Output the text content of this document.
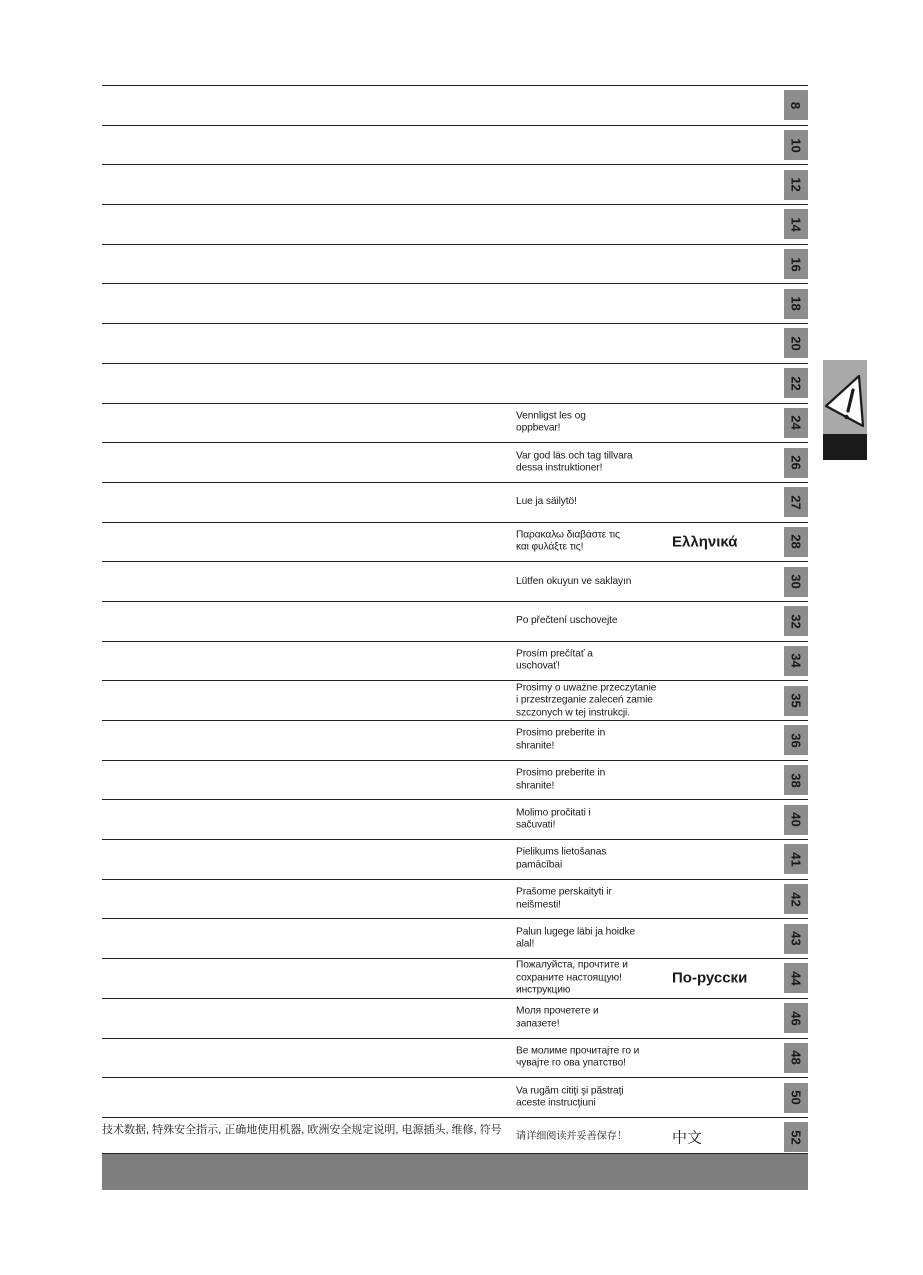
8
10
12
14
16
18
20
22
Vennligst les og
oppbevar!	24
Var god läs och tag tillvara
dessa instruktioner!	26
Lue ja säilytö!	27
Παρακαλω διαβάστε τις
και φυλάξτε τις!	Ελληνικά	28
Lütfen okuyun ve saklayın	30
Po přečtení uschovejte	32
Prosím prečítať a
uschovať!	34
Prosimy o uważne przeczytanie
i przestrzeganie zaleceń zamie
szczonych w tej instrukcji.
35
Prosimo preberite in
shranite!	36
Prosimo preberite in
shranite!	38
Molimo pročitati i
sačuvati!	40
Pielikums lietošanas
pamācībai	41
Prašome perskaityti ir
neišmesti!	42
Palun lugege läbi ja hoidke
alal!	43
Пожалуйста, прочтите и
сохраните настоящую!
инструкцию
По-русски	44
Моля прочетете и
запазете!	46
Ве молиме прочитајте го и
чувајте го ова упатство!	48
Va rugăm citiţi şi păstraţi
aceste instrucţiuni	50
技术数据, 特殊安全指示, 正确地使用机器, 欧洲安全规定说明, 电源插头, 维修, 符号
请详细阅读并妥善保存！	中文	52
